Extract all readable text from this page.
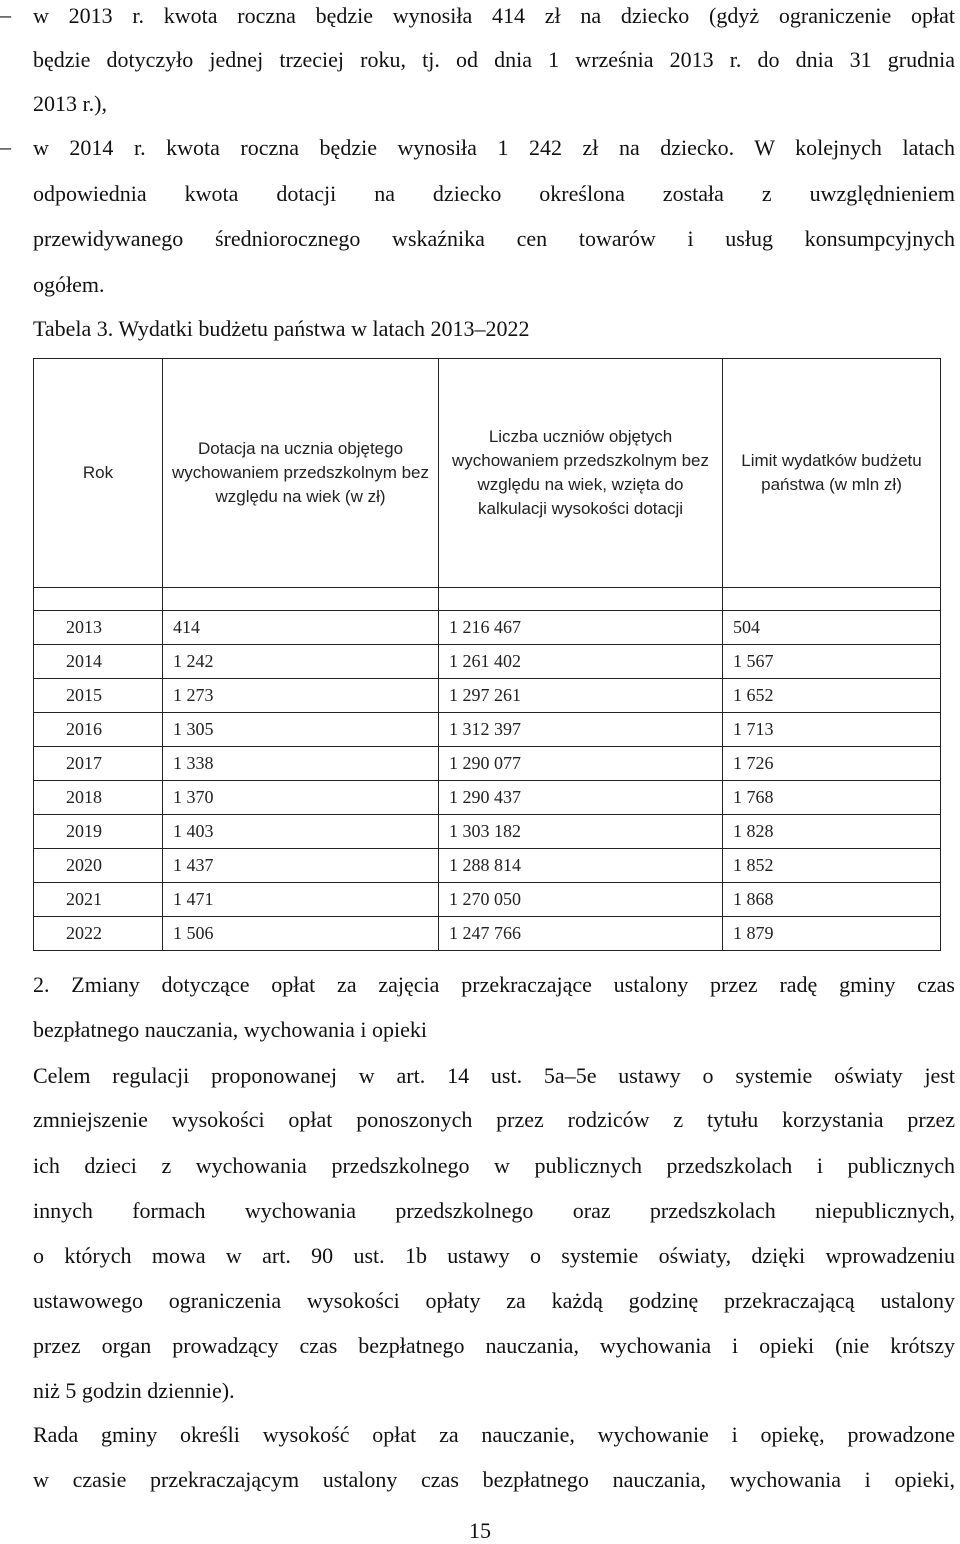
– w 2013 r. kwota roczna będzie wynosiła 414 zł na dziecko (gdyż ograniczenie opłat
będzie dotyczyło jednej trzeciej roku, tj. od dnia 1 września 2013 r. do dnia 31 grudnia
2013 r.),
– w 2014 r. kwota roczna będzie wynosiła 1 242 zł na dziecko. W kolejnych latach
odpowiednia kwota dotacji na dziecko określona została z uwzględnieniem
przewidywanego średniorocznego wskaźnika cen towarów i usług konsumpcyjnych
ogółem.
Tabela 3. Wydatki budżetu państwa w latach 2013–2022
Rok	Dotacja na ucznia objętego wychowaniem przedszkolnym bez względu na wiek (w zł)	Liczba uczniów objętych wychowaniem przedszkolnym bez względu na wiek, wzięta do kalkulacji wysokości dotacji	Limit wydatków budżetu państwa (w mln zł)

2013	414	1 216 467	504
2014	1 242	1 261 402	1 567
2015	1 273	1 297 261	1 652
2016	1 305	1 312 397	1 713
2017	1 338	1 290 077	1 726
2018	1 370	1 290 437	1 768
2019	1 403	1 303 182	1 828
2020	1 437	1 288 814	1 852
2021	1 471	1 270 050	1 868
2022	1 506	1 247 766	1 879
2. Zmiany dotyczące opłat za zajęcia przekraczające ustalony przez radę gminy czas
bezpłatnego nauczania, wychowania i opieki
Celem regulacji proponowanej w art. 14 ust. 5a–5e ustawy o systemie oświaty jest
zmniejszenie wysokości opłat ponoszonych przez rodziców z tytułu korzystania przez
ich dzieci z wychowania przedszkolnego w publicznych przedszkolach i publicznych
innych formach wychowania przedszkolnego oraz przedszkolach niepublicznych,
o których mowa w art. 90 ust. 1b ustawy o systemie oświaty, dzięki wprowadzeniu
ustawowego ograniczenia wysokości opłaty za każdą godzinę przekraczającą ustalony
przez organ prowadzący czas bezpłatnego nauczania, wychowania i opieki (nie krótszy
niż 5 godzin dziennie).
Rada gminy określi wysokość opłat za nauczanie, wychowanie i opiekę, prowadzone
w czasie przekraczającym ustalony czas bezpłatnego nauczania, wychowania i opieki,
15
